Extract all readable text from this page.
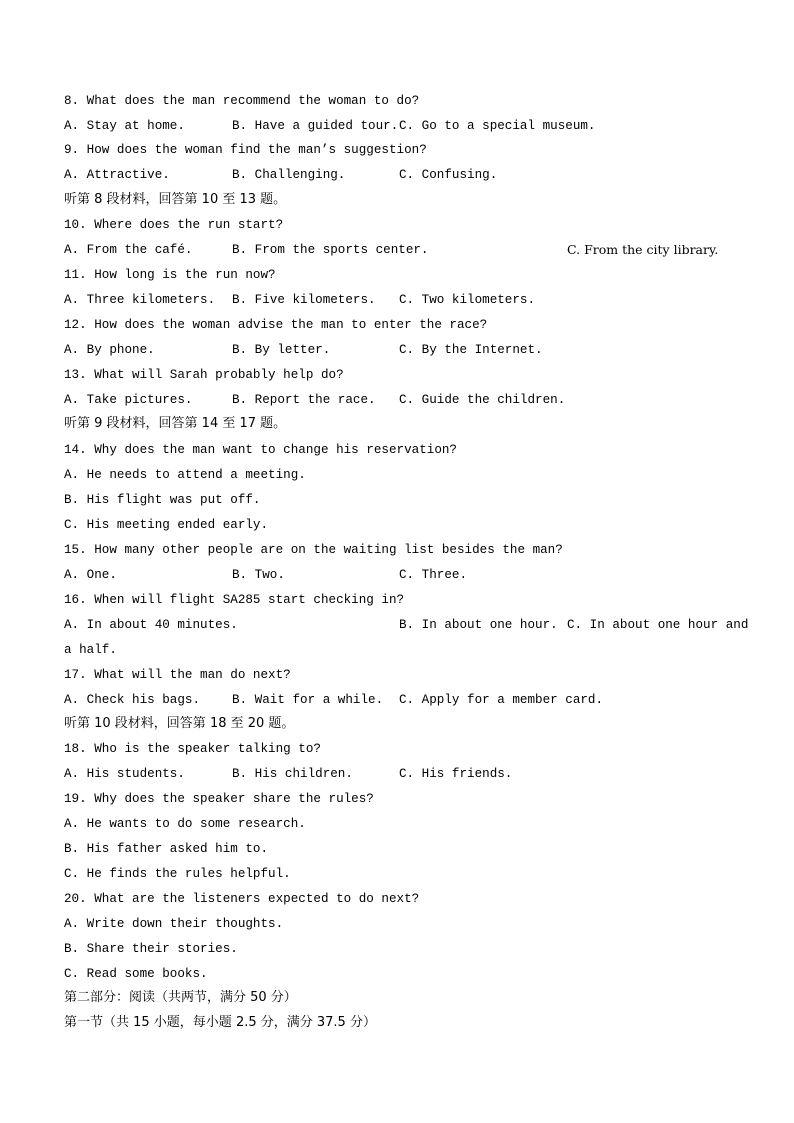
8. What does the man recommend the woman to do?
A. Stay at home.	B. Have a guided tour. C. Go to a special museum.
9. How does the woman find the man’s suggestion?
A. Attractive.	B. Challenging.	C. Confusing.
听第 8 段材料，回答第 10 至 13 题。
10. Where does the run start?
A. From the café.	B. From the sports center.	C. From the city library.
11. How long is the run now?
A. Three kilometers. B. Five kilometers. C. Two kilometers.
12. How does the woman advise the man to enter the race?
A. By phone.	B. By letter.	C. By the Internet.
13. What will Sarah probably help do?
A. Take pictures.	B. Report the race. C. Guide the children.
听第 9 段材料，回答第 14 至 17 题。
14. Why does the man want to change his reservation?
A. He needs to attend a meeting.
B. His flight was put off.
C. His meeting ended early.
15. How many other people are on the waiting list besides the man?
A. One.	B. Two.	C. Three.
16. When will flight SA285 start checking in?
A. In about 40 minutes.	B. In about one hour. C. In about one hour and
a half.
17. What will the man do next?
A. Check his bags.	B. Wait for a while. C. Apply for a member card.
听第 10 段材料，回答第 18 至 20 题。
18. Who is the speaker talking to?
A. His students.	B. His children.	C. His friends.
19. Why does the speaker share the rules?
A. He wants to do some research.
B. His father asked him to.
C. He finds the rules helpful.
20. What are the listeners expected to do next?
A. Write down their thoughts.
B. Share their stories.
C. Read some books.
第二部分：阅读（共两节，满分 50 分）
第一节（共 15 小题，每小题 2.5 分，满分 37.5 分）
